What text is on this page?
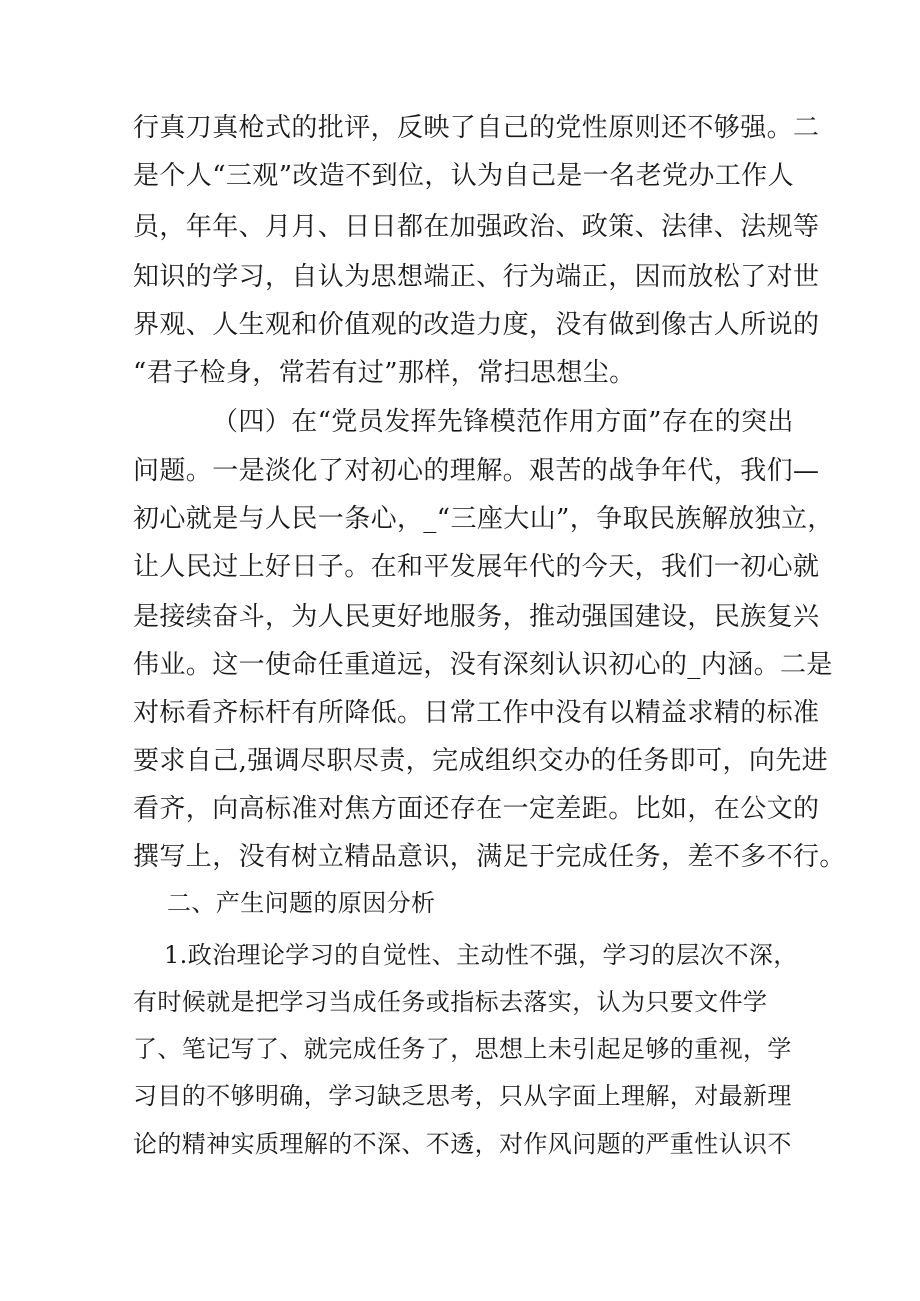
行真刀真枪式的批评，反映了自己的党性原则还不够强。二
是个人“三观”改造不到位，认为自己是一名老党办工作人
员，年年、月月、日日都在加强政治、政策、法律、法规等
知识的学习，自认为思想端正、行为端正，因而放松了对世
界观、人生观和价值观的改造力度，没有做到像古人所说的
“君子检身，常若有过”那样，常扫思想尘。
（四）在“党员发挥先锋模范作用方面”存在的突出
问题。一是淡化了对初心的理解。艰苦的战争年代，我们—
初心就是与人民一条心，_“三座大山”，争取民族解放独立，
让人民过上好日子。在和平发展年代的今天，我们一初心就
是接续奋斗，为人民更好地服务，推动强国建设，民族复兴
伟业。这一使命任重道远，没有深刻认识初心的_内涵。二是
对标看齐标杆有所降低。日常工作中没有以精益求精的标准
要求自己,强调尽职尽责，完成组织交办的任务即可，向先进
看齐，向高标准对焦方面还存在一定差距。比如，在公文的
撰写上，没有树立精品意识，满足于完成任务，差不多不行。
二、产生问题的原因分析
1.政治理论学习的自觉性、主动性不强，学习的层次不深，
有时候就是把学习当成任务或指标去落实，认为只要文件学
了、笔记写了、就完成任务了，思想上未引起足够的重视，学
习目的不够明确，学习缺乏思考，只从字面上理解，对最新理
论的精神实质理解的不深、不透，对作风问题的严重性认识不
